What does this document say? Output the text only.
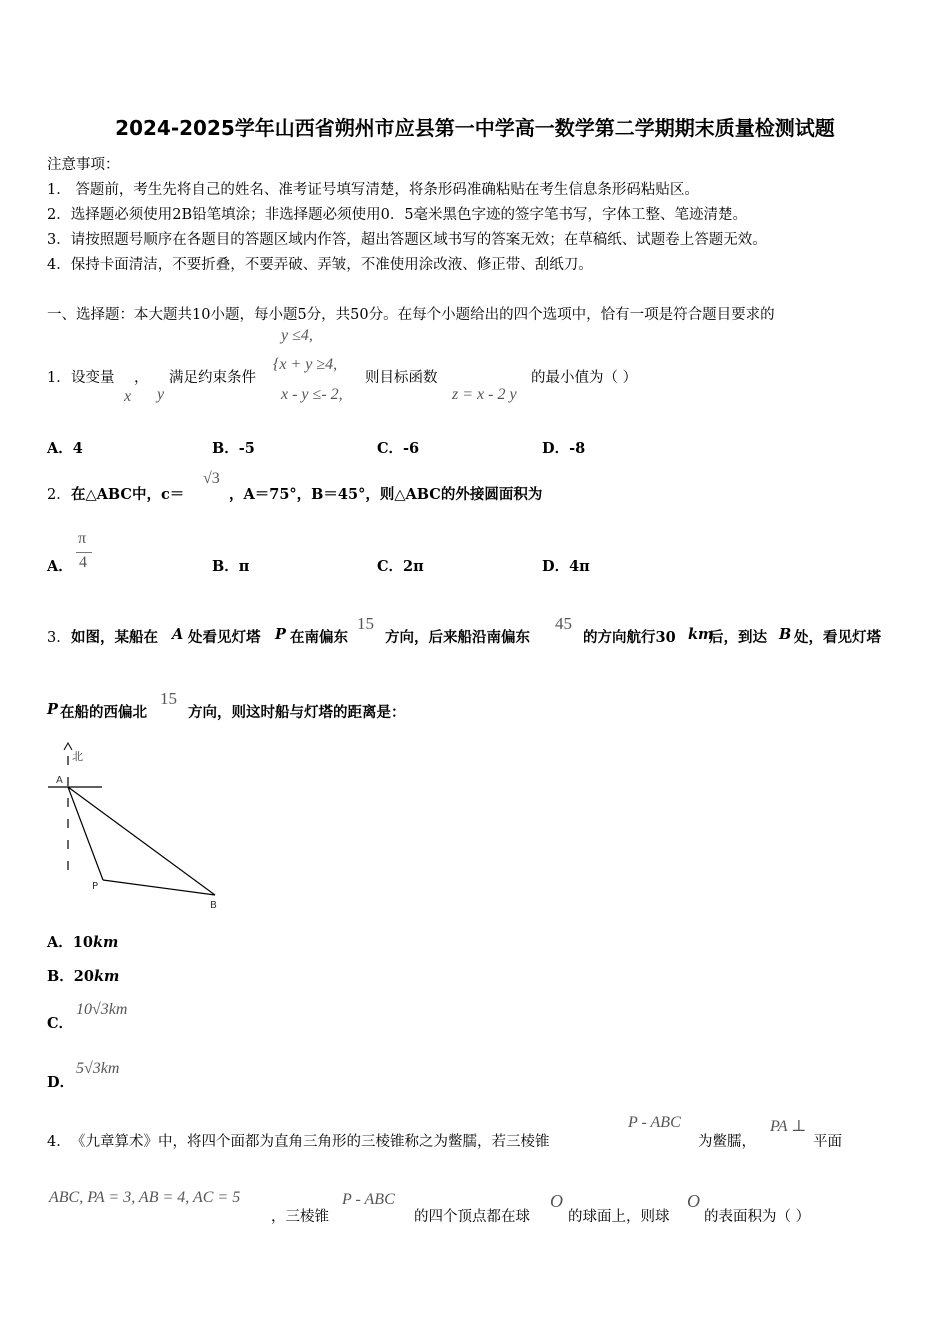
2024-2025学年山西省朔州市应县第一中学高一数学第二学期期末质量检测试题
注意事项：
1． 答题前，考生先将自己的姓名、准考证号填写清楚，将条形码准确粘贴在考生信息条形码粘贴区。
2．选择题必须使用2B铅笔填涂；非选择题必须使用0．5毫米黑色字迹的签字笔书写，字体工整、笔迹清楚。
3．请按照题号顺序在各题目的答题区域内作答，超出答题区域书写的答案无效；在草稿纸、试题卷上答题无效。
4．保持卡面清洁，不要折叠，不要弄破、弄皱，不准使用涂改液、修正带、刮纸刀。
一、选择题：本大题共10小题，每小题5分，共50分。在每个小题给出的四个选项中，恰有一项是符合题目要求的
1． 设变量 ， 满足约束条件	则目标函数	的最小值为（ ）
x y
y ≤4,
{x + y ≥4,
x - y ≤- 2,	z = x - 2 y
A．4	B．-5	C．-6	D．-8
2． 在△ABC中，c＝
√3
，A＝75°，B＝45°，则△ABC的外接圆面积为
A．
π
4	B．π	C．2π	D．4π
3． 如图，某船在 A 处看见灯塔 P 在南偏东
15
方向，后来船沿南偏东
45
的方向航行30 km
后，到达 B 处，看见灯塔
P 在船的西偏北
15
方向，则这时船与灯塔的距离是：
北
A
P
B
A．10km
B．20km
C．
10√3km
D．
5√3km
4． 《九章算术》中，将四个面都为直角三角形的三棱锥称之为鳖臑，若三棱锥
P - ABC
为鳖臑，
PA ⊥
平面
ABC, PA = 3, AB = 4, AC = 5
，三棱锥
P - ABC
的四个顶点都在球
O
的球面上，则球
O
的表面积为（ ）
